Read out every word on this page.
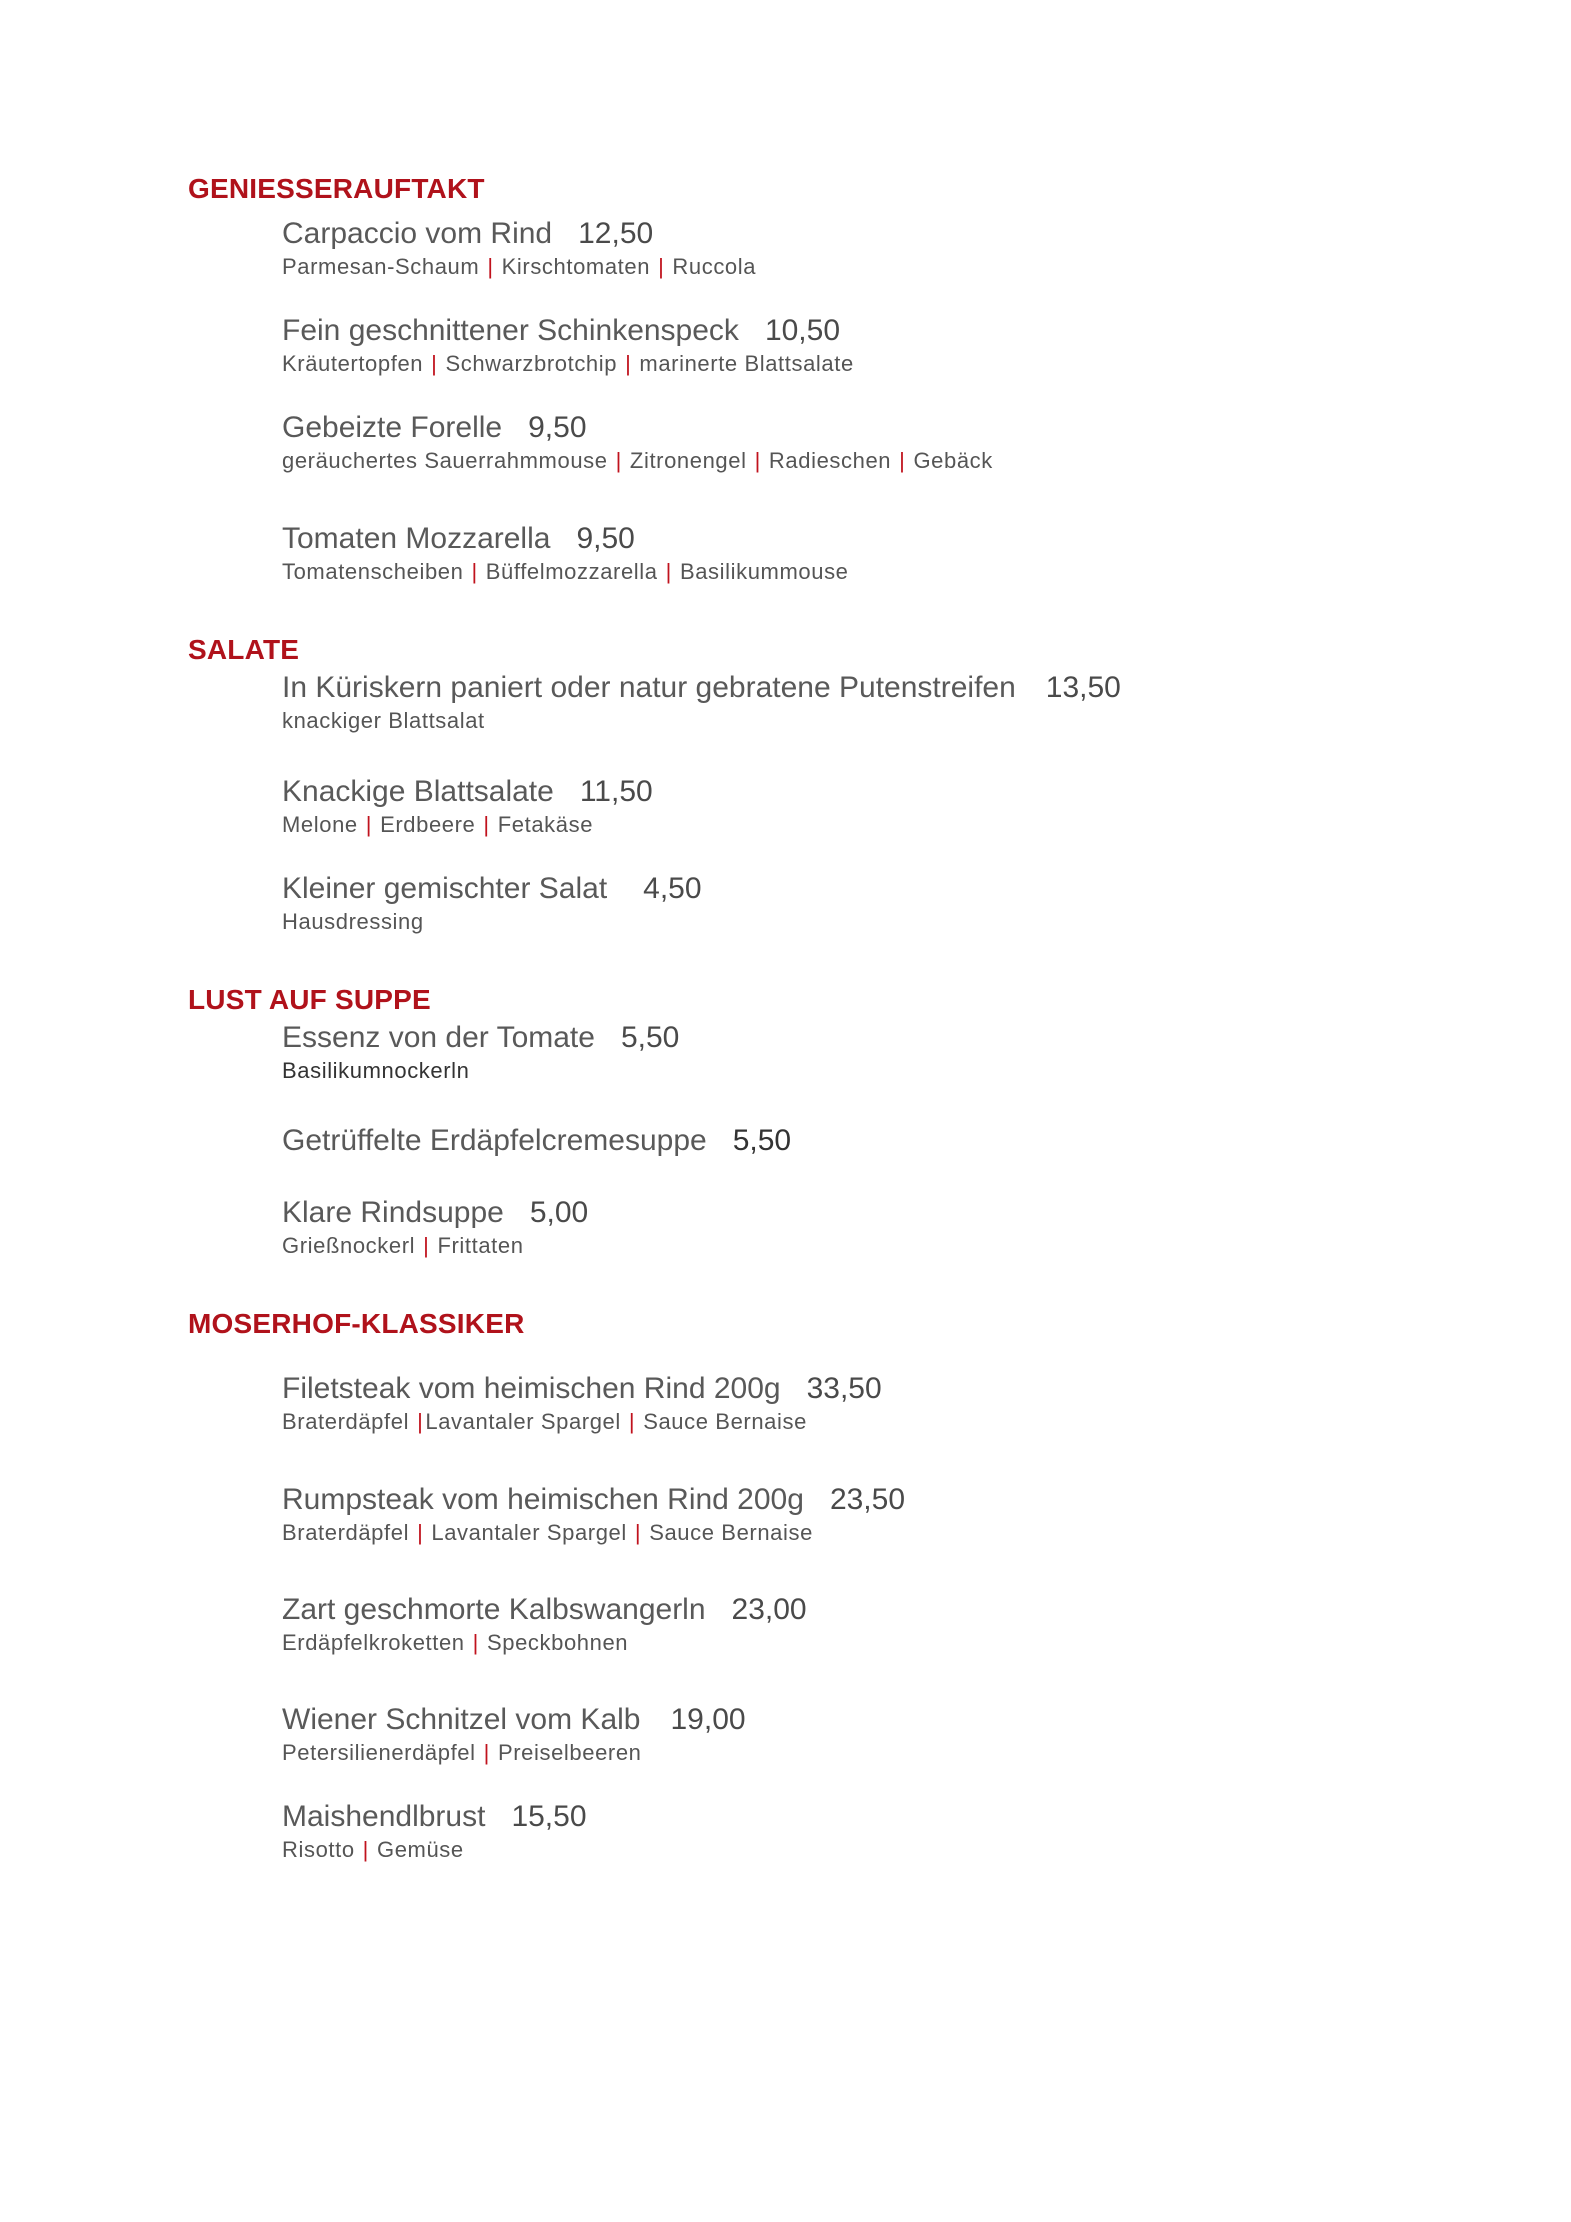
GENIESSERAUFTAKT
Carpaccio vom Rind 12,50
Parmesan-Schaum | Kirschtomaten | Ruccola
Fein geschnittener Schinkenspeck 10,50
Kräutertopfen | Schwarzbrotchip | marinerte Blattsalate
Gebeizte Forelle 9,50
geräuchertes Sauerrahmmouse | Zitronengel | Radieschen | Gebäck
Tomaten Mozzarella 9,50
Tomatenscheiben | Büffelmozzarella | Basilikummouse
SALATE
In Küriskern paniert oder natur gebratene Putenstreifen 13,50
knackiger Blattsalat
Knackige Blattsalate 11,50
Melone | Erdbeere | Fetakäse
Kleiner gemischter Salat 4,50
Hausdressing
LUST AUF SUPPE
Essenz von der Tomate 5,50
Basilikumnockerln
Getrüffelte Erdäpfelcremesuppe 5,50
Klare Rindsuppe 5,00
Grießnockerl | Frittaten
MOSERHOF-KLASSIKER
Filetsteak vom heimischen Rind 200g 33,50
Braterdäpfel |Lavantaler Spargel | Sauce Bernaise
Rumpsteak vom heimischen Rind 200g 23,50
Braterdäpfel | Lavantaler Spargel | Sauce Bernaise
Zart geschmorte Kalbswangerln 23,00
Erdäpfelkroketten | Speckbohnen
Wiener Schnitzel vom Kalb 19,00
Petersilienerdäpfel | Preiselbeeren
Maishendlbrust 15,50
Risotto | Gemüse
